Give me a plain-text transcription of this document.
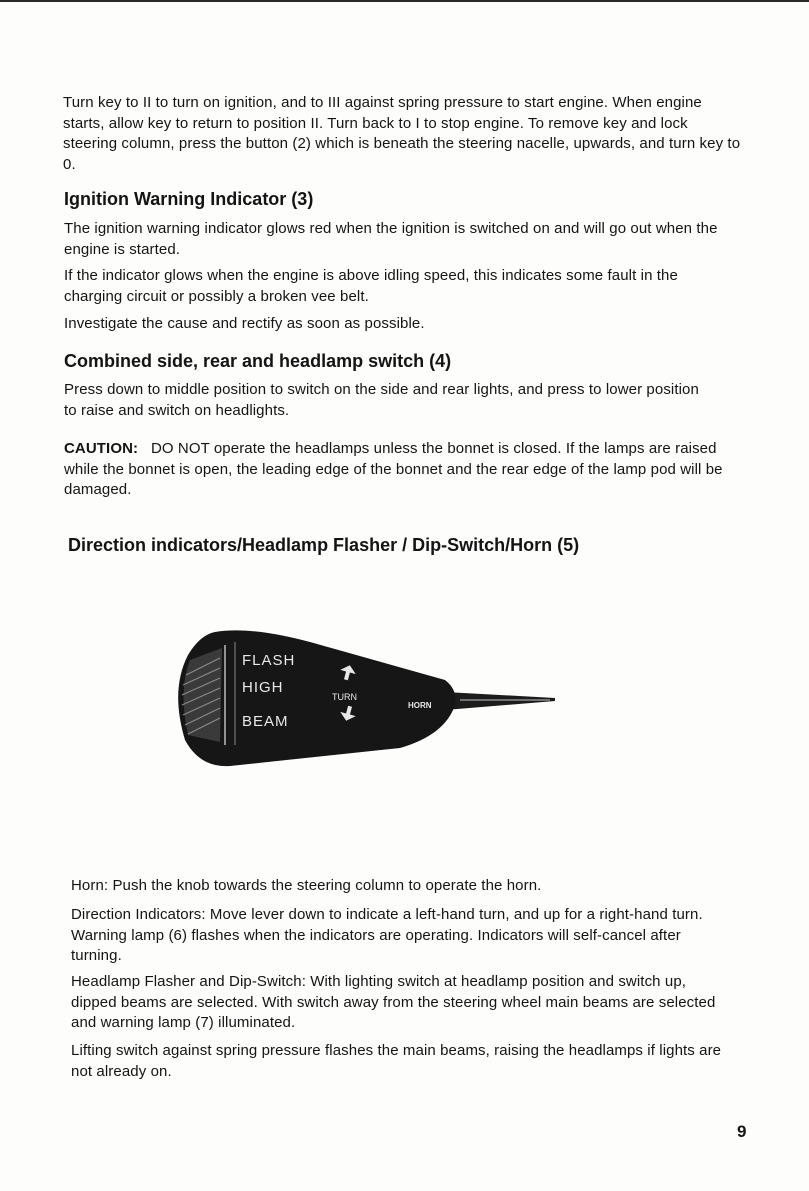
Turn key to II to turn on ignition, and to III against spring pressure to start engine. When engine starts, allow key to return to position II. Turn back to I to stop engine. To remove key and lock steering column, press the button (2) which is beneath the steering nacelle, upwards, and turn key to 0.

Ignition Warning Indicator (3)

The ignition warning indicator glows red when the ignition is switched on and will go out when the engine is started.

If the indicator glows when the engine is above idling speed, this indicates some fault in the charging circuit or possibly a broken vee belt.

Investigate the cause and rectify as soon as possible.

Combined side, rear and headlamp switch (4)

Press down to middle position to switch on the side and rear lights, and press to lower position to raise and switch on headlights.

CAUTION: DO NOT operate the headlamps unless the bonnet is closed. If the lamps are raised while the bonnet is open, the leading edge of the bonnet and the rear edge of the lamp pod will be damaged.

Direction indicators/Headlamp Flasher / Dip-Switch/Horn (5)
FLASH
HIGH
BEAM
TURN
HORN

Horn: Push the knob towards the steering column to operate the horn.

Direction Indicators: Move lever down to indicate a left-hand turn, and up for a right-hand turn. Warning lamp (6) flashes when the indicators are operating. Indicators will self-cancel after turning.

Headlamp Flasher and Dip-Switch: With lighting switch at headlamp position and switch up, dipped beams are selected. With switch away from the steering wheel main beams are selected and warning lamp (7) illuminated.

Lifting switch against spring pressure flashes the main beams, raising the headlamps if lights are not already on.

9
